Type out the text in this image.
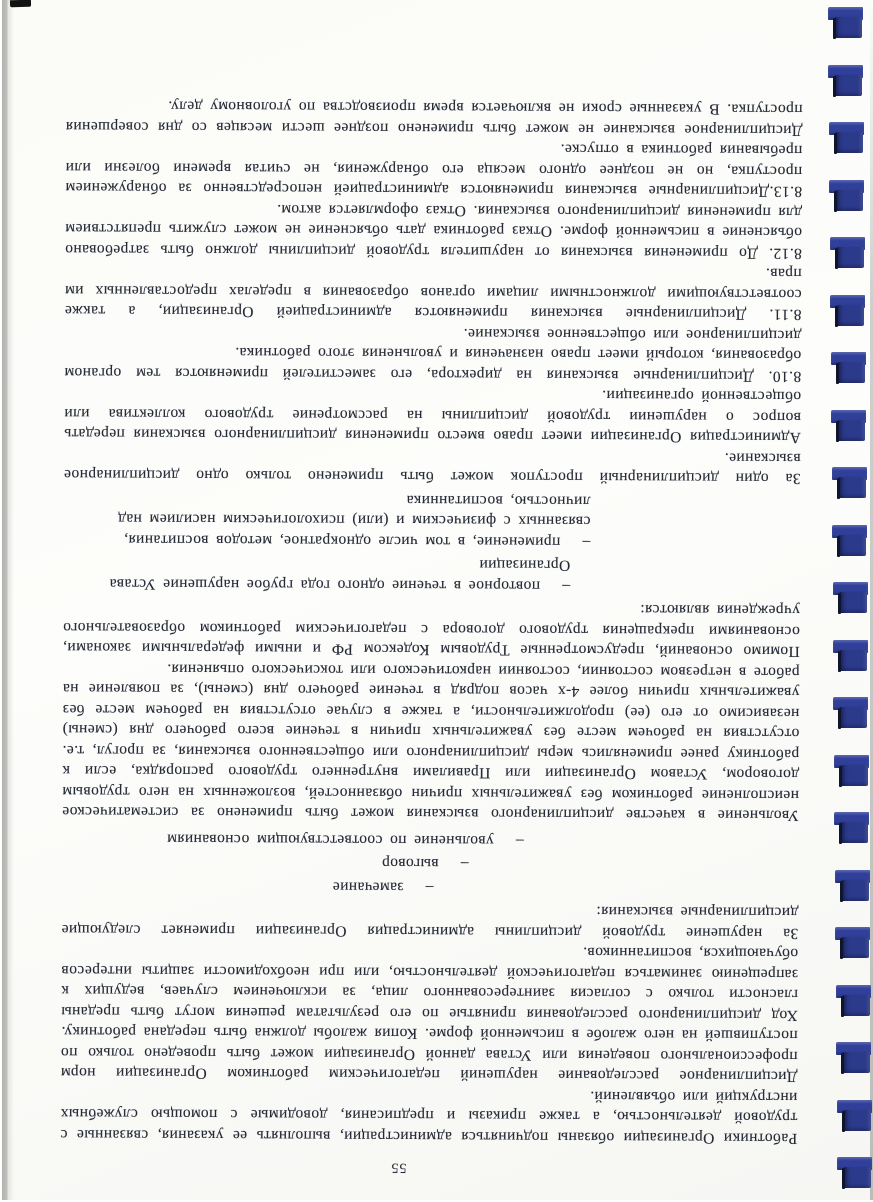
55
Работники Организации обязаны подчиняться администрации, выполнять ее указания, связанные с трудовой деятельностью, а также приказы и предписания, доводимые с помощью служебных инструкций или объявлений.
Дисциплинарное расследование нарушений педагогическим работником Организации норм профессионального поведения или Устава данной Организации может быть проведено только по поступившей на него жалобе в письменной форме. Копия жалобы должна быть передана работнику.
Ход дисциплинарного расследования принятые по его результатам решения могут быть преданы гласности только с согласия заинтересованного лица, за исключением случаев, ведущих к запрещению заниматься педагогической деятельностью, или при необходимости защиты интересов обучающихся, воспитанников.
За нарушение трудовой дисциплины администрация Организации применяет следующие дисциплинарные взыскания:
–   замечание
–   выговор
–   увольнение по соответствующим основаниям
Увольнение в качестве дисциплинарного взыскания может быть применено за систематическое неисполнение работником без уважительных причин обязанностей, возложенных на него трудовым договором, Уставом Организации или Правилами внутреннего трудового распорядка, если к работнику ранее применялись меры дисциплинарного или общественного взыскания, за прогул, т.е. отсутствия на рабочем месте без уважительных причин в течение всего рабочего дня (смены) независимо от его (ее) продолжительности, а также в случае отсутствия на рабочем месте без уважительных причин более 4-х часов подряд в течение рабочего дня (смены), за появление на работе в нетрезвом состоянии, состоянии наркотического или токсического опьянения.
Помимо оснований, предусмотренные Трудовым Кодексом РФ и иными федеральными законами, основаниями прекращения трудового договора с педагогическим работником образовательного учреждения являются:
–   повторное в течение одного года грубое нарушение Устава Организации
–   применение, в том числе однократное, методов воспитания, связанных с физическим и (или) психологическим насилием над личностью, воспитанника
За один дисциплинарный проступок может быть применено только одно дисциплинарное взыскание.
Администрация Организации имеет право вместо применения дисциплинарного взыскания передать вопрос о нарушении трудовой дисциплины на рассмотрение трудового коллектива или общественной организации.
8.10. Дисциплинарные взыскания на директора, его заместителей применяются тем органом образования, который имеет право назначения и увольнения этого работника.
дисциплинарное или общественное взыскание.
8.11. Дисциплинарные взыскания применяются администрацией Организации, а также соответствующими должностными лицами органов образования в пределах предоставленных им прав.
8.12. До применения взыскания от нарушителя трудовой дисциплины должно быть затребовано объяснение в письменной форме. Отказ работника дать объяснение не может служить препятствием для применения дисциплинарного взыскания. Отказ оформляется актом.
8.13.Дисциплинарные взыскания применяются администрацией непосредственно за обнаружением проступка, но не позднее одного месяца его обнаружения, не считая времени болезни или пребывания работника в отпуске.
Дисциплинарное взыскание не может быть применено позднее шести месяцев со дня совершения проступка. В указанные сроки не включается время производства по уголовному делу.
